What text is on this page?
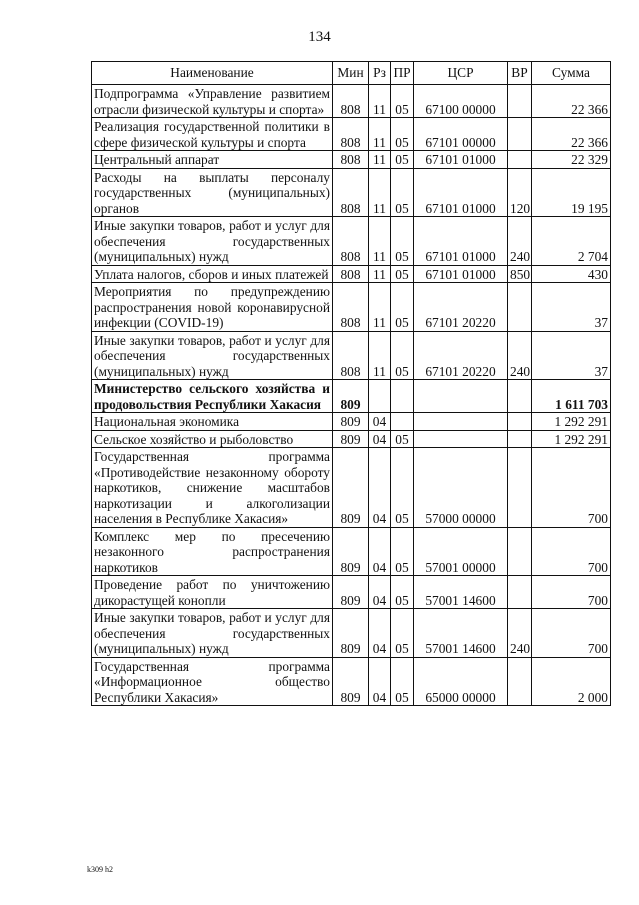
134
Наименование	Мин	Рз	ПР	ЦСР	ВР	Сумма
Подпрограмма «Управление развитием отрасли физической культуры и спорта»	808	11	05	67100 00000		22 366
Реализация государственной политики в сфере физической культуры и спорта	808	11	05	67101 00000		22 366
Центральный аппарат	808	11	05	67101 01000		22 329
Расходы на выплаты персоналу государственных (муниципальных) органов	808	11	05	67101 01000	120	19 195
Иные закупки товаров, работ и услуг для обеспечения государственных (муниципальных) нужд	808	11	05	67101 01000	240	2 704
Уплата налогов, сборов и иных платежей	808	11	05	67101 01000	850	430
Мероприятия по предупреждению распространения новой коронавирусной инфекции (COVID-19)	808	11	05	67101 20220		37
Иные закупки товаров, работ и услуг для обеспечения государственных (муниципальных) нужд	808	11	05	67101 20220	240	37
Министерство сельского хозяйства и продовольствия Республики Хакасия	809					1 611 703
Национальная экономика	809	04				1 292 291
Сельское хозяйство и рыболовство	809	04	05			1 292 291
Государственная программа «Противодействие незаконному обороту наркотиков, снижение масштабов наркотизации и алкоголизации населения в Республике Хакасия»	809	04	05	57000 00000		700
Комплекс мер по пресечению незаконного распространения наркотиков	809	04	05	57001 00000		700
Проведение работ по уничтожению дикорастущей конопли	809	04	05	57001 14600		700
Иные закупки товаров, работ и услуг для обеспечения государственных (муниципальных) нужд	809	04	05	57001 14600	240	700
Государственная программа «Информационное общество Республики Хакасия»	809	04	05	65000 00000		2 000
k309 h2
